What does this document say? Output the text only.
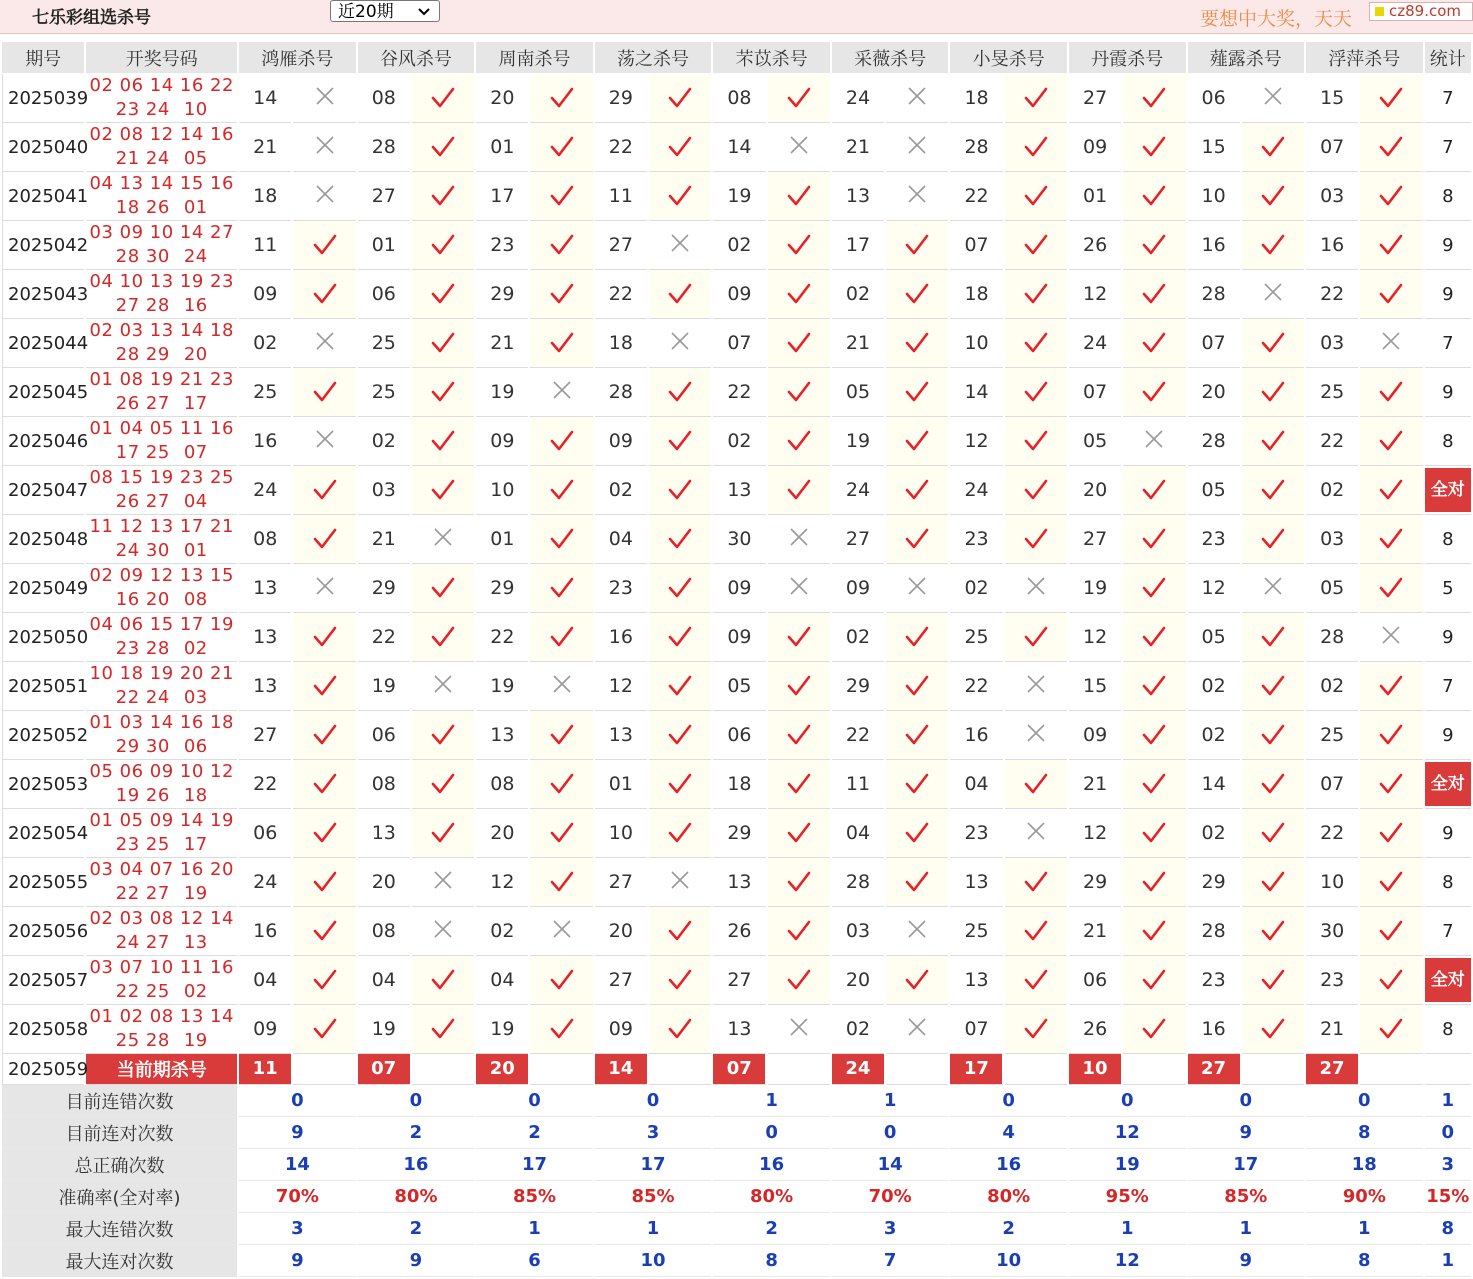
七乐彩组选杀号	近20期	要想中大奖，天天	cz89.com
期号	开奖号码	鸿雁杀号		谷风杀号		周南杀号		荡之杀号		芣苡杀号		采薇杀号		小旻杀号		丹霞杀号		薤露杀号		浮萍杀号		统计
2025039	02 06 14 16 22
23 24 10	14		08		20		29		08		24		18		27		06		15		7
2025040	02 08 12 14 16
21 24 05	21		28		01		22		14		21		28		09		15		07		7
2025041	04 13 14 15 16
18 26 01	18		27		17		11		19		13		22		01		10		03		8
2025042	03 09 10 14 27
28 30 24	11		01		23		27		02		17		07		26		16		16		9
2025043	04 10 13 19 23
27 28 16	09		06		29		22		09		02		18		12		28		22		9
2025044	02 03 13 14 18
28 29 20	02		25		21		18		07		21		10		24		07		03		7
2025045	01 08 19 21 23
26 27 17	25		25		19		28		22		05		14		07		20		25		9
2025046	01 04 05 11 16
17 25 07	16		02		09		09		02		19		12		05		28		22		8
2025047	08 15 19 23 25
26 27 04	24		03		10		02		13		24		24		20		05		02		全对

2025048	11 12 13 17 21
24 30 01	08		21		01		04		30		27		23		27		23		03		8
2025049	02 09 12 13 15
16 20 08	13		29		29		23		09		09		02		19		12		05		5
2025050	04 06 15 17 19
23 28 02	13		22		22		16		09		02		25		12		05		28		9
2025051	10 18 19 20 21
22 24 03	13		19		19		12		05		29		22		15		02		02		7
2025052	01 03 14 16 18
29 30 06	27		06		13		13		06		22		16		09		02		25		9
2025053	05 06 09 10 12
19 26 18	22		08		08		01		18		11		04		21		14		07		全对

2025054	01 05 09 14 19
23 25 17	06		13		20		10		29		04		23		12		02		22		9
2025055	03 04 07 16 20
22 27 19	24		20		12		27		13		28		13		29		29		10		8
2025056	02 03 08 12 14
24 27 13	16		08		02		20		26		03		25		21		28		30		7
2025057	03 07 10 11 16
22 25 02	04		04		04		27		27		20		13		06		23		23		全对

2025058	01 02 08 13 14
25 28 19	09		19		19		09		13		02		07		26		16		21		8
2025059	当前期杀号	11		07		20		14		07		24		17		10		27		27		

目前连错次数		0		0		0		0		1		1		0		0		0		0		1
目前连对次数		9		2		2		3		0		0		4		12		9		8		0
总正确次数		14		16		17		17		16		14		16		19		17		18		3
准确率(全对率)		70%		80%		85%		85%		80%		70%		80%		95%		85%		90%		15%
最大连错次数		3		2		1		1		2		3		2		1		1		1		8
最大连对次数		9		9		6		10		8		7		10		12		9		8		1
